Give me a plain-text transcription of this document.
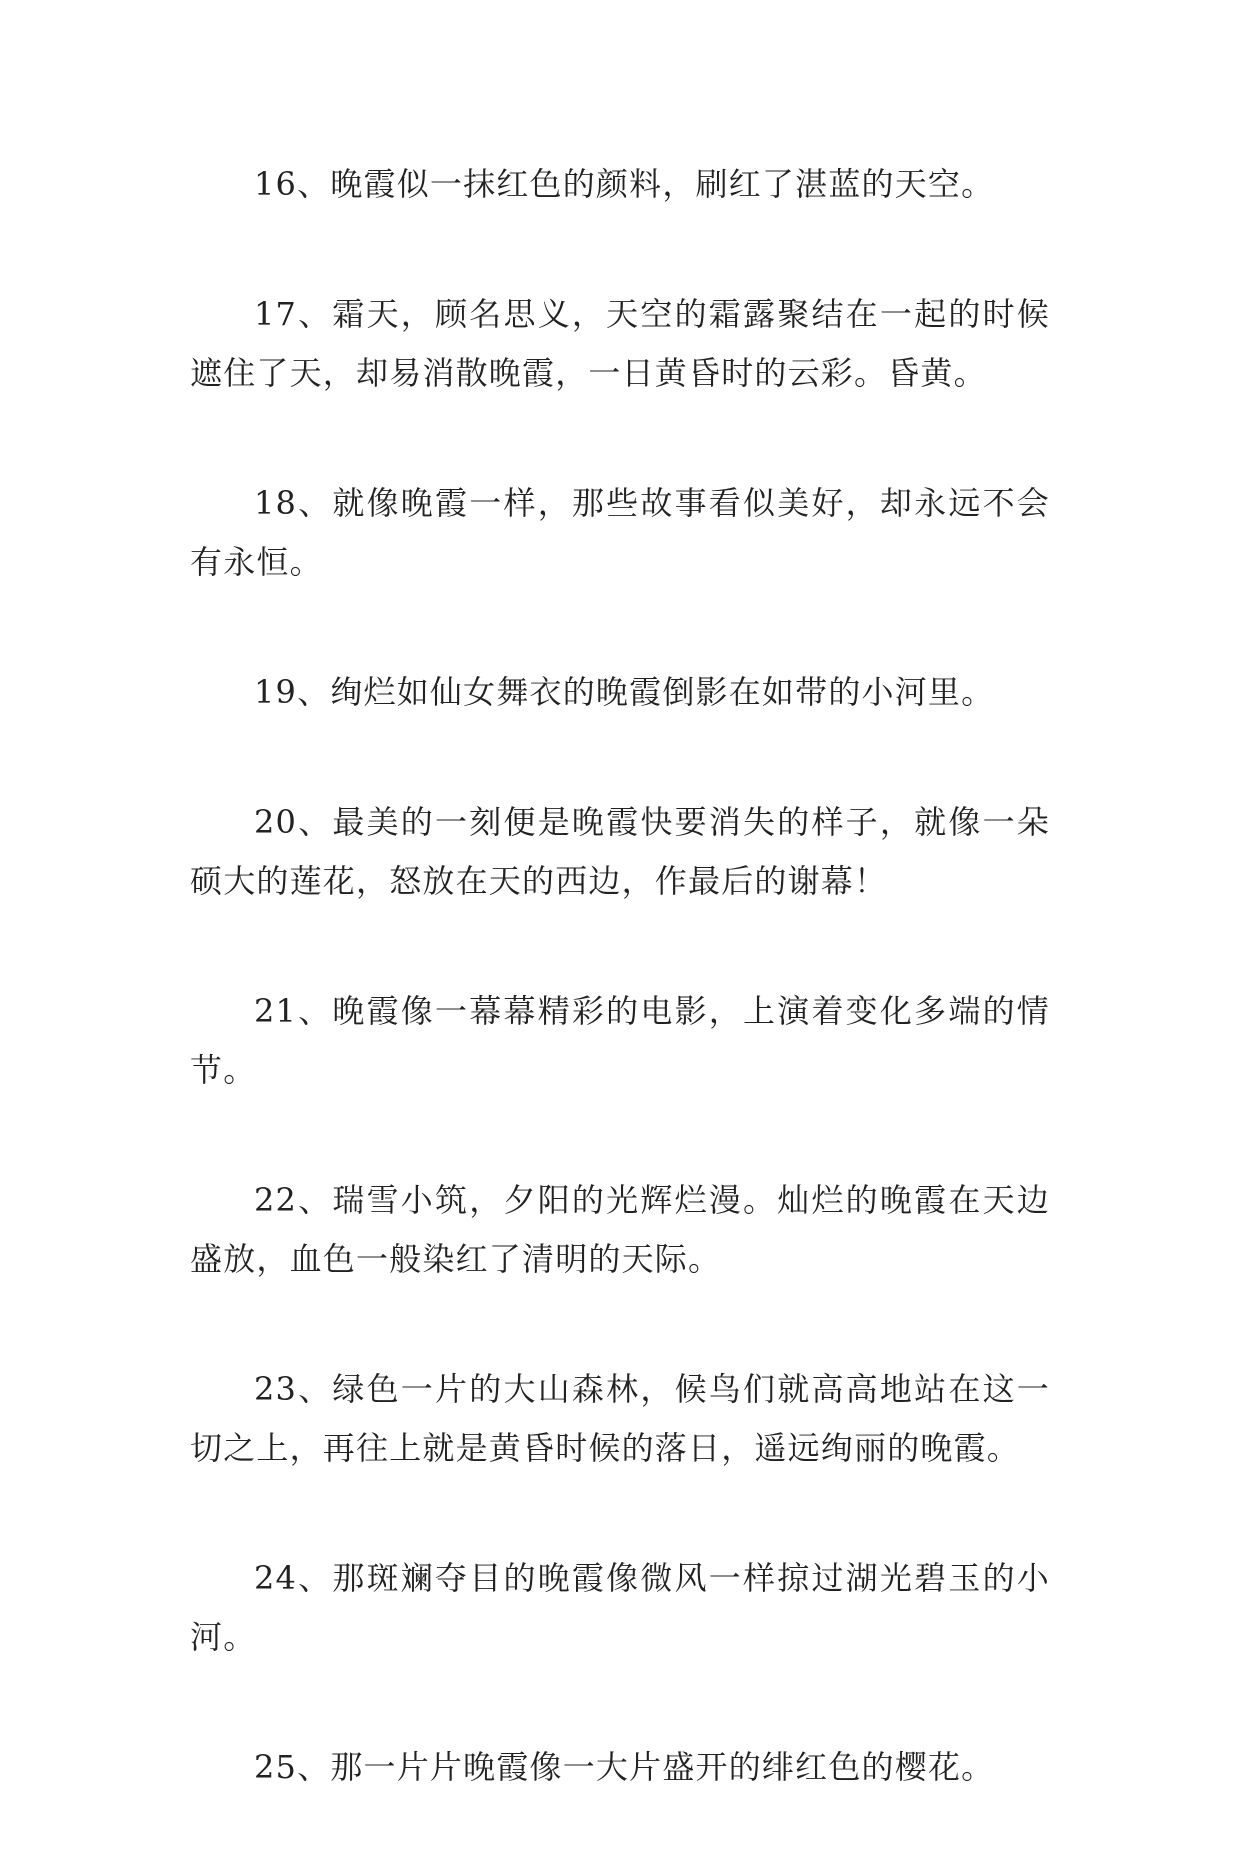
16、晚霞似一抹红色的颜料，刷红了湛蓝的天空。

17、霜天，顾名思义，天空的霜露聚结在一起的时候遮住了天，却易消散晚霞，一日黄昏时的云彩。昏黄。

18、就像晚霞一样，那些故事看似美好，却永远不会有永恒。

19、绚烂如仙女舞衣的晚霞倒影在如带的小河里。

20、最美的一刻便是晚霞快要消失的样子，就像一朵硕大的莲花，怒放在天的西边，作最后的谢幕！

21、晚霞像一幕幕精彩的电影，上演着变化多端的情节。

22、瑞雪小筑，夕阳的光辉烂漫。灿烂的晚霞在天边盛放，血色一般染红了清明的天际。

23、绿色一片的大山森林，候鸟们就高高地站在这一切之上，再往上就是黄昏时候的落日，遥远绚丽的晚霞。

24、那斑斓夺目的晚霞像微风一样掠过湖光碧玉的小河。

25、那一片片晚霞像一大片盛开的绯红色的樱花。
